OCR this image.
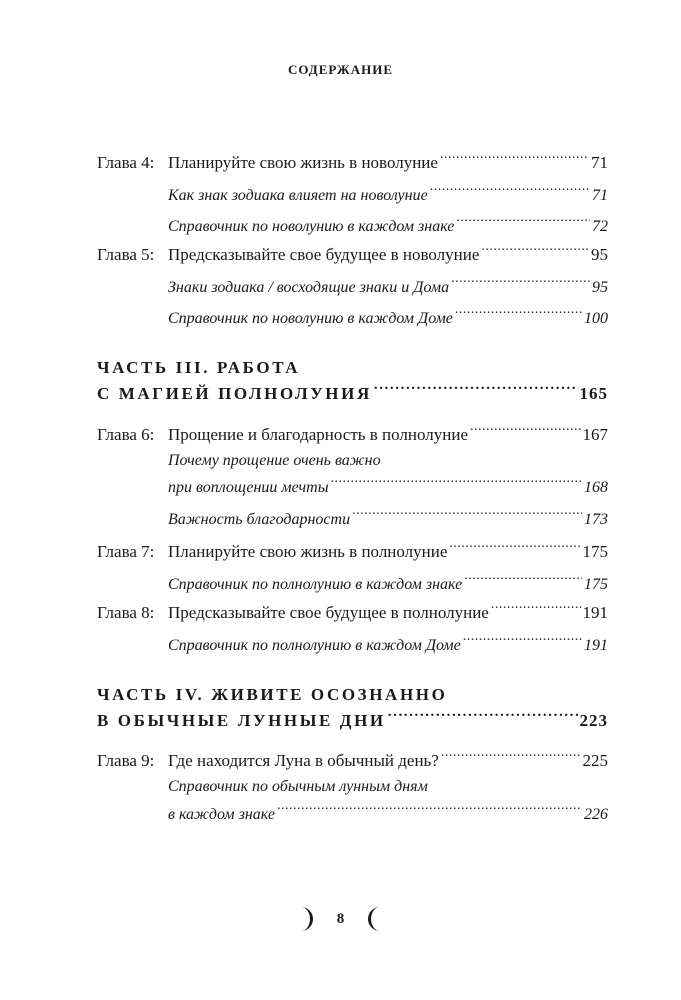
СОДЕРЖАНИЕ
Глава 4: Планируйте свою жизнь в новолуние .....	71
Как знак зодиака влияет на новолуние .....	71
Справочник по новолунию в каждом знаке .....	72
Глава 5: Предсказывайте свое будущее в новолуние .....	95
Знаки зодиака / восходящие знаки и Дома .....	95
Справочник по новолунию в каждом Доме .....	100
ЧАСТЬ III. РАБОТА
С МАГИЕЙ ПОЛНОЛУНИЯ .....	165
Глава 6: Прощение и благодарность в полнолуние .....	167
Почему прощение очень важно
при воплощении мечты .....	168
Важность благодарности .....	173
Глава 7: Планируйте свою жизнь в полнолуние .....	175
Справочник по полнолунию в каждом знаке .....	175
Глава 8: Предсказывайте свое будущее в полнолуние .....	191
Справочник по полнолунию в каждом Доме .....	191
ЧАСТЬ IV. ЖИВИТЕ ОСОЗНАННО
В ОБЫЧНЫЕ ЛУННЫЕ ДНИ .....	223
Глава 9: Где находится Луна в обычный день? .....	225
Справочник по обычным лунным дням
в каждом знаке .....	226
8
